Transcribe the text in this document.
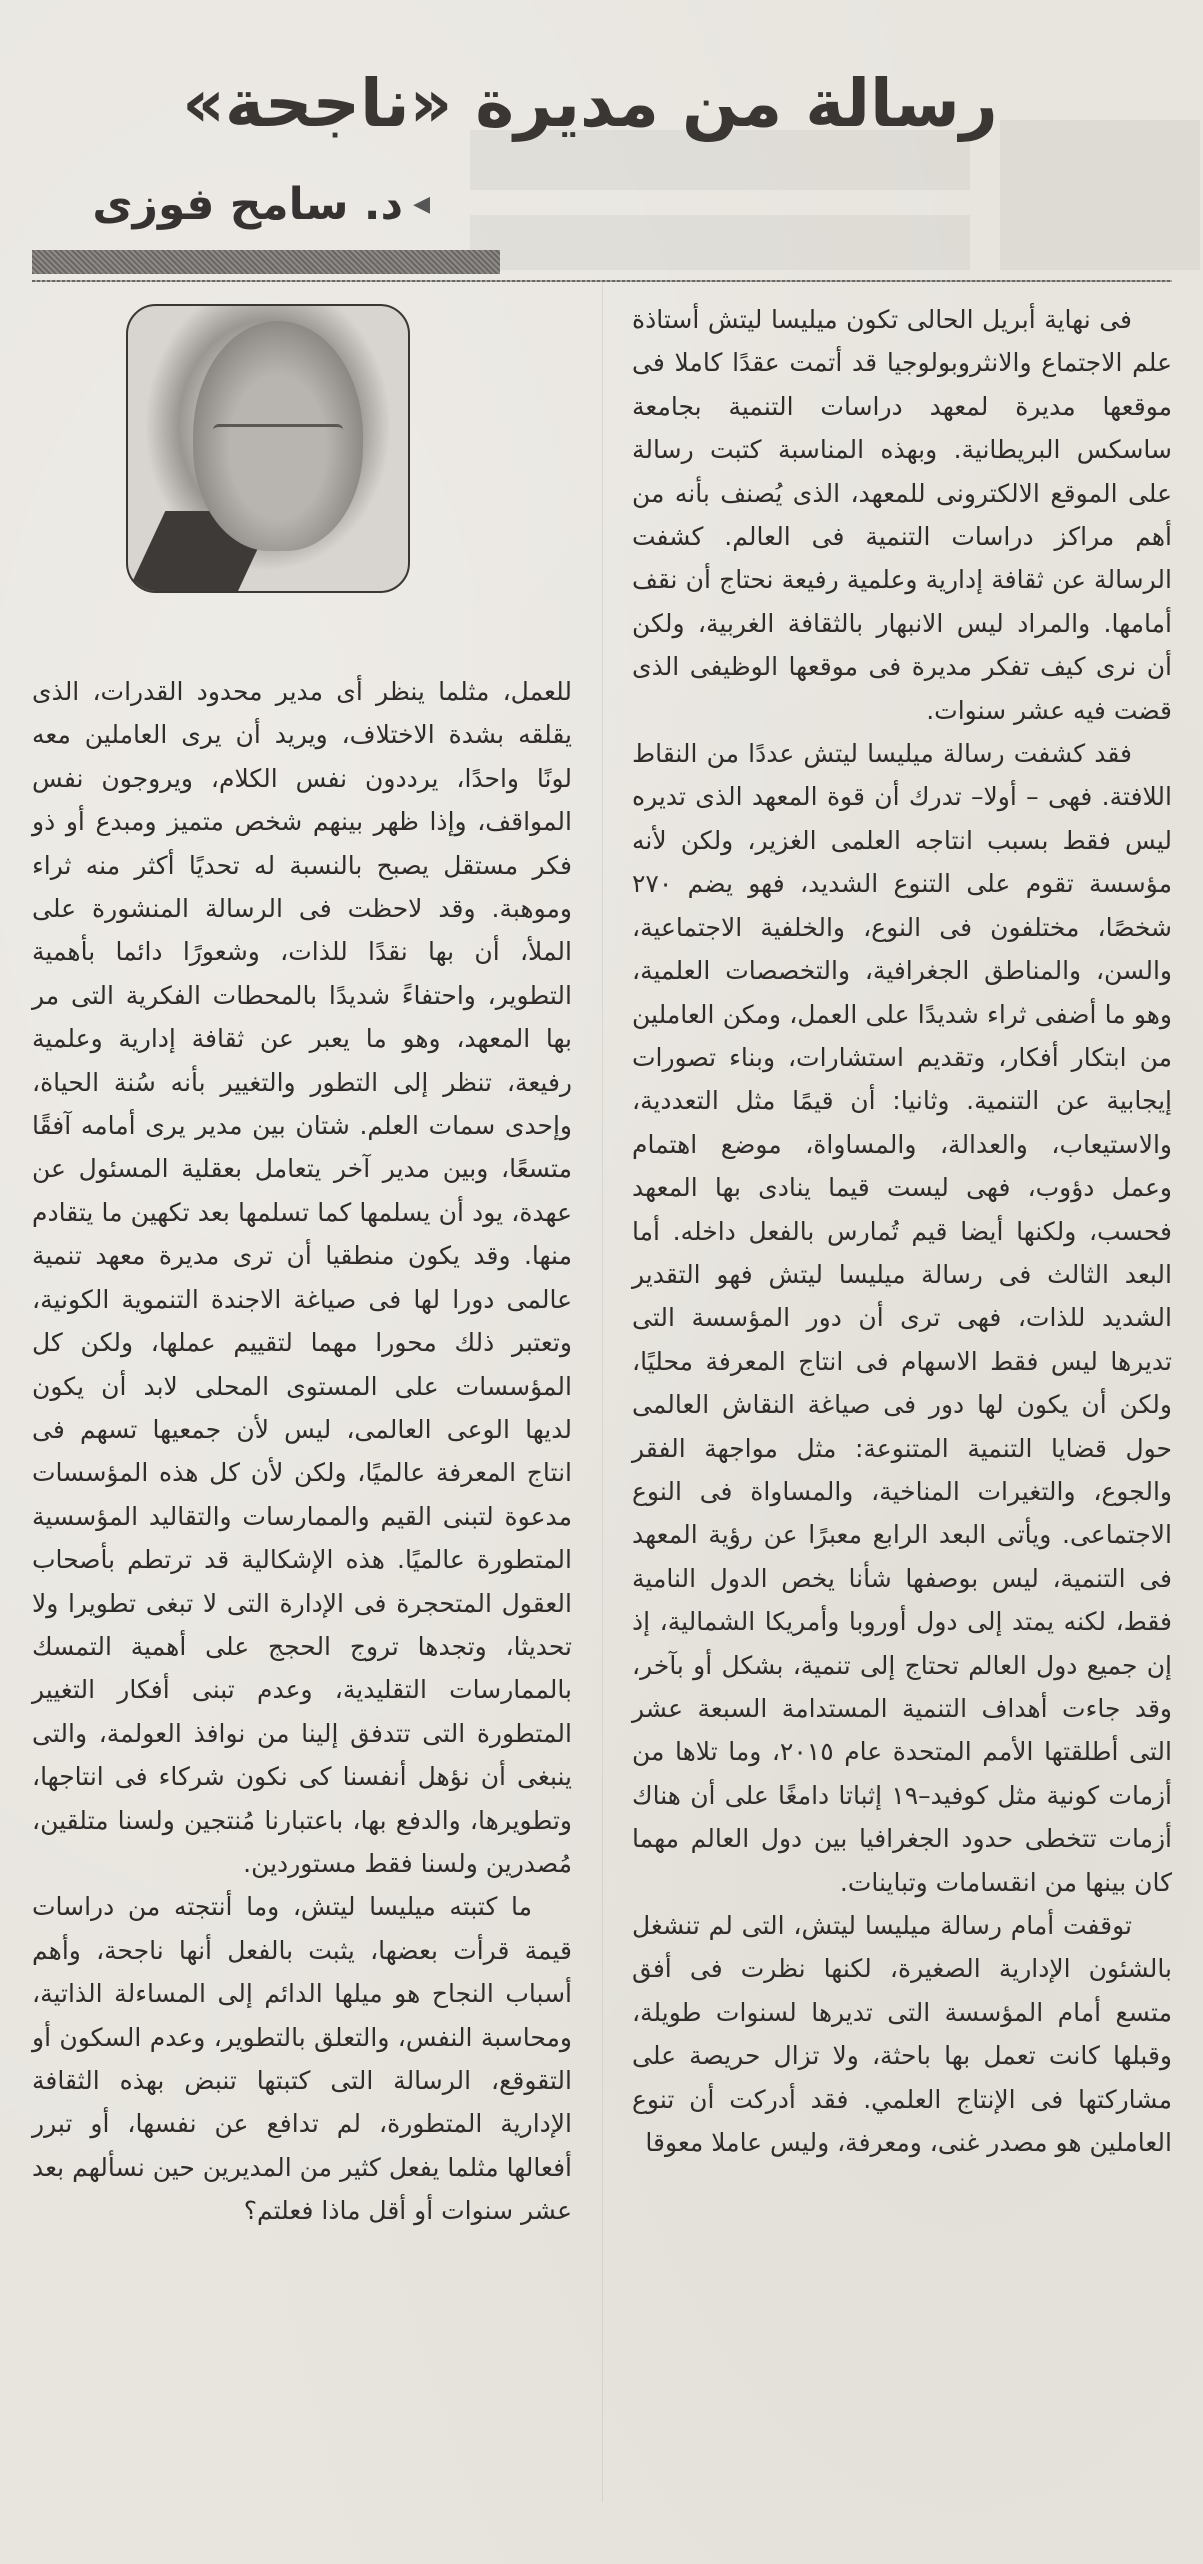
رسالة من مديرة «ناجحة»
◀
د. سامح فوزى

فى نهاية أبريل الحالى تكون ميليسا ليتش أستاذة علم الاجتماع والانثروبولوجيا قد أتمت عقدًا كاملا فى موقعها مديرة لمعهد دراسات التنمية بجامعة ساسكس البريطانية. وبهذه المناسبة كتبت رسالة على الموقع الالكترونى للمعهد، الذى يُصنف بأنه من أهم مراكز دراسات التنمية فى العالم. كشفت الرسالة عن ثقافة إدارية وعلمية رفيعة نحتاج أن نقف أمامها. والمراد ليس الانبهار بالثقافة الغربية، ولكن أن نرى كيف تفكر مديرة فى موقعها الوظيفى الذى قضت فيه عشر سنوات.

فقد كشفت رسالة ميليسا ليتش عددًا من النقاط اللافتة. فهى – أولا– تدرك أن قوة المعهد الذى تديره ليس فقط بسبب انتاجه العلمى الغزير، ولكن لأنه مؤسسة تقوم على التنوع الشديد، فهو يضم ٢٧٠ شخصًا، مختلفون فى النوع، والخلفية الاجتماعية، والسن، والمناطق الجغرافية، والتخصصات العلمية، وهو ما أضفى ثراء شديدًا على العمل، ومكن العاملين من ابتكار أفكار، وتقديم استشارات، وبناء تصورات إيجابية عن التنمية. وثانيا: أن قيمًا مثل التعددية، والاستيعاب، والعدالة، والمساواة، موضع اهتمام وعمل دؤوب، فهى ليست قيما ينادى بها المعهد فحسب، ولكنها أيضا قيم تُمارس بالفعل داخله. أما البعد الثالث فى رسالة ميليسا ليتش فهو التقدير الشديد للذات، فهى ترى أن دور المؤسسة التى تديرها ليس فقط الاسهام فى انتاج المعرفة محليًا، ولكن أن يكون لها دور فى صياغة النقاش العالمى حول قضايا التنمية المتنوعة: مثل مواجهة الفقر والجوع، والتغيرات المناخية، والمساواة فى النوع الاجتماعى. ويأتى البعد الرابع معبرًا عن رؤية المعهد فى التنمية، ليس بوصفها شأنا يخص الدول النامية فقط، لكنه يمتد إلى دول أوروبا وأمريكا الشمالية، إذ إن جميع دول العالم تحتاج إلى تنمية، بشكل أو بآخر، وقد جاءت أهداف التنمية المستدامة السبعة عشر التى أطلقتها الأمم المتحدة عام ٢٠١٥، وما تلاها من أزمات كونية مثل كوفيد–١٩ إثباتا دامغًا على أن هناك أزمات تتخطى حدود الجغرافيا بين دول العالم مهما كان بينها من انقسامات وتباينات.

توقفت أمام رسالة ميليسا ليتش، التى لم تنشغل بالشئون الإدارية الصغيرة، لكنها نظرت فى أفق متسع أمام المؤسسة التى تديرها لسنوات طويلة، وقبلها كانت تعمل بها باحثة، ولا تزال حريصة على مشاركتها فى الإنتاج العلمي. فقد أدركت أن تنوع العاملين هو مصدر غنى، ومعرفة، وليس عاملا معوقا

للعمل، مثلما ينظر أى مدير محدود القدرات، الذى يقلقه بشدة الاختلاف، ويريد أن يرى العاملين معه لونًا واحدًا، يرددون نفس الكلام، ويروجون نفس المواقف، وإذا ظهر بينهم شخص متميز ومبدع أو ذو فكر مستقل يصبح بالنسبة له تحديًا أكثر منه ثراء وموهبة. وقد لاحظت فى الرسالة المنشورة على الملأ، أن بها نقدًا للذات، وشعورًا دائما بأهمية التطوير، واحتفاءً شديدًا بالمحطات الفكرية التى مر بها المعهد، وهو ما يعبر عن ثقافة إدارية وعلمية رفيعة، تنظر إلى التطور والتغيير بأنه سُنة الحياة، وإحدى سمات العلم. شتان بين مدير يرى أمامه آفقًا متسعًا، وبين مدير آخر يتعامل بعقلية المسئول عن عهدة، يود أن يسلمها كما تسلمها بعد تكهين ما يتقادم منها. وقد يكون منطقيا أن ترى مديرة معهد تنمية عالمى دورا لها فى صياغة الاجندة التنموية الكونية، وتعتبر ذلك محورا مهما لتقييم عملها، ولكن كل المؤسسات على المستوى المحلى لابد أن يكون لديها الوعى العالمى، ليس لأن جمعيها تسهم فى انتاج المعرفة عالميًا، ولكن لأن كل هذه المؤسسات مدعوة لتبنى القيم والممارسات والتقاليد المؤسسية المتطورة عالميًا. هذه الإشكالية قد ترتطم بأصحاب العقول المتحجرة فى الإدارة التى لا تبغى تطويرا ولا تحديثا، وتجدها تروج الحجج على أهمية التمسك بالممارسات التقليدية، وعدم تبنى أفكار التغيير المتطورة التى تتدفق إلينا من نوافذ العولمة، والتى ينبغى أن نؤهل أنفسنا كى نكون شركاء فى انتاجها، وتطويرها، والدفع بها، باعتبارنا مُنتجين ولسنا متلقين، مُصدرين ولسنا فقط مستوردين.

ما كتبته ميليسا ليتش، وما أنتجته من دراسات قيمة قرأت بعضها، يثبت بالفعل أنها ناجحة، وأهم أسباب النجاح هو ميلها الدائم إلى المساءلة الذاتية، ومحاسبة النفس، والتعلق بالتطوير، وعدم السكون أو التقوقع، الرسالة التى كتبتها تنبض بهذه الثقافة الإدارية المتطورة، لم تدافع عن نفسها، أو تبرر أفعالها مثلما يفعل كثير من المديرين حين نسألهم بعد عشر سنوات أو أقل ماذا فعلتم؟
